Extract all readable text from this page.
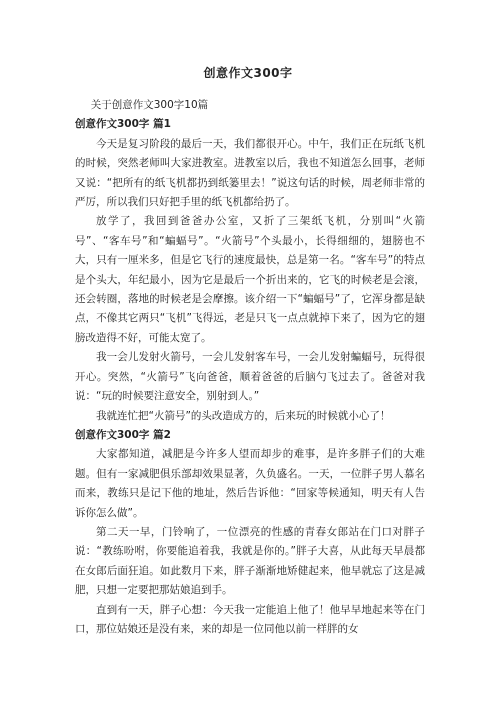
创意作文300字

关于创意作文300字10篇

创意作文300字 篇1

今天是复习阶段的最后一天，我们都很开心。中午，我们正在玩纸飞机的时候，突然老师叫大家进教室。进教室以后，我也不知道怎么回事，老师又说：“把所有的纸飞机都扔到纸篓里去！”说这句话的时候，周老师非常的严厉，所以我们只好把手里的纸飞机都给扔了。

放学了，我回到爸爸办公室，又折了三架纸飞机，分别叫“火箭号”、“客车号”和“蝙蝠号”。“火箭号”个头最小，长得细细的，翅膀也不大，只有一厘米多，但是它飞行的速度最快，总是第一名。“客车号”的特点是个头大，年纪最小，因为它是最后一个折出来的，它飞的时候老是会滚，还会转圈，落地的时候老是会摩擦。该介绍一下“蝙蝠号”了，它浑身都是缺点，不像其它两只“飞机”飞得远，老是只飞一点点就掉下来了，因为它的翅膀改造得不好，可能太宽了。

我一会儿发射火箭号，一会儿发射客车号，一会儿发射蝙蝠号，玩得很开心。突然，“火箭号”飞向爸爸，顺着爸爸的后脑勺飞过去了。爸爸对我说：“玩的时候要注意安全，别射到人。”

我就连忙把“火箭号”的头改造成方的，后来玩的时候就小心了！

创意作文300字 篇2

大家都知道，减肥是今许多人望而却步的难事，是许多胖子们的大难题。但有一家减肥俱乐部却效果显著，久负盛名。一天，一位胖子男人慕名而来，教练只是记下他的地址，然后告诉他：“回家等候通知，明天有人告诉你怎么做”。

第二天一早，门铃响了，一位漂亮的性感的青春女郎站在门口对胖子说：“教练吩咐，你要能追着我，我就是你的。”胖子大喜，从此每天早晨都在女郎后面狂追。如此数月下来，胖子渐渐地矫健起来，他早就忘了这是减肥，只想一定要把那姑娘追到手。

直到有一天，胖子心想：今天我一定能追上他了！他早早地起来等在门口，那位姑娘还是没有来，来的却是一位同他以前一样胖的女
